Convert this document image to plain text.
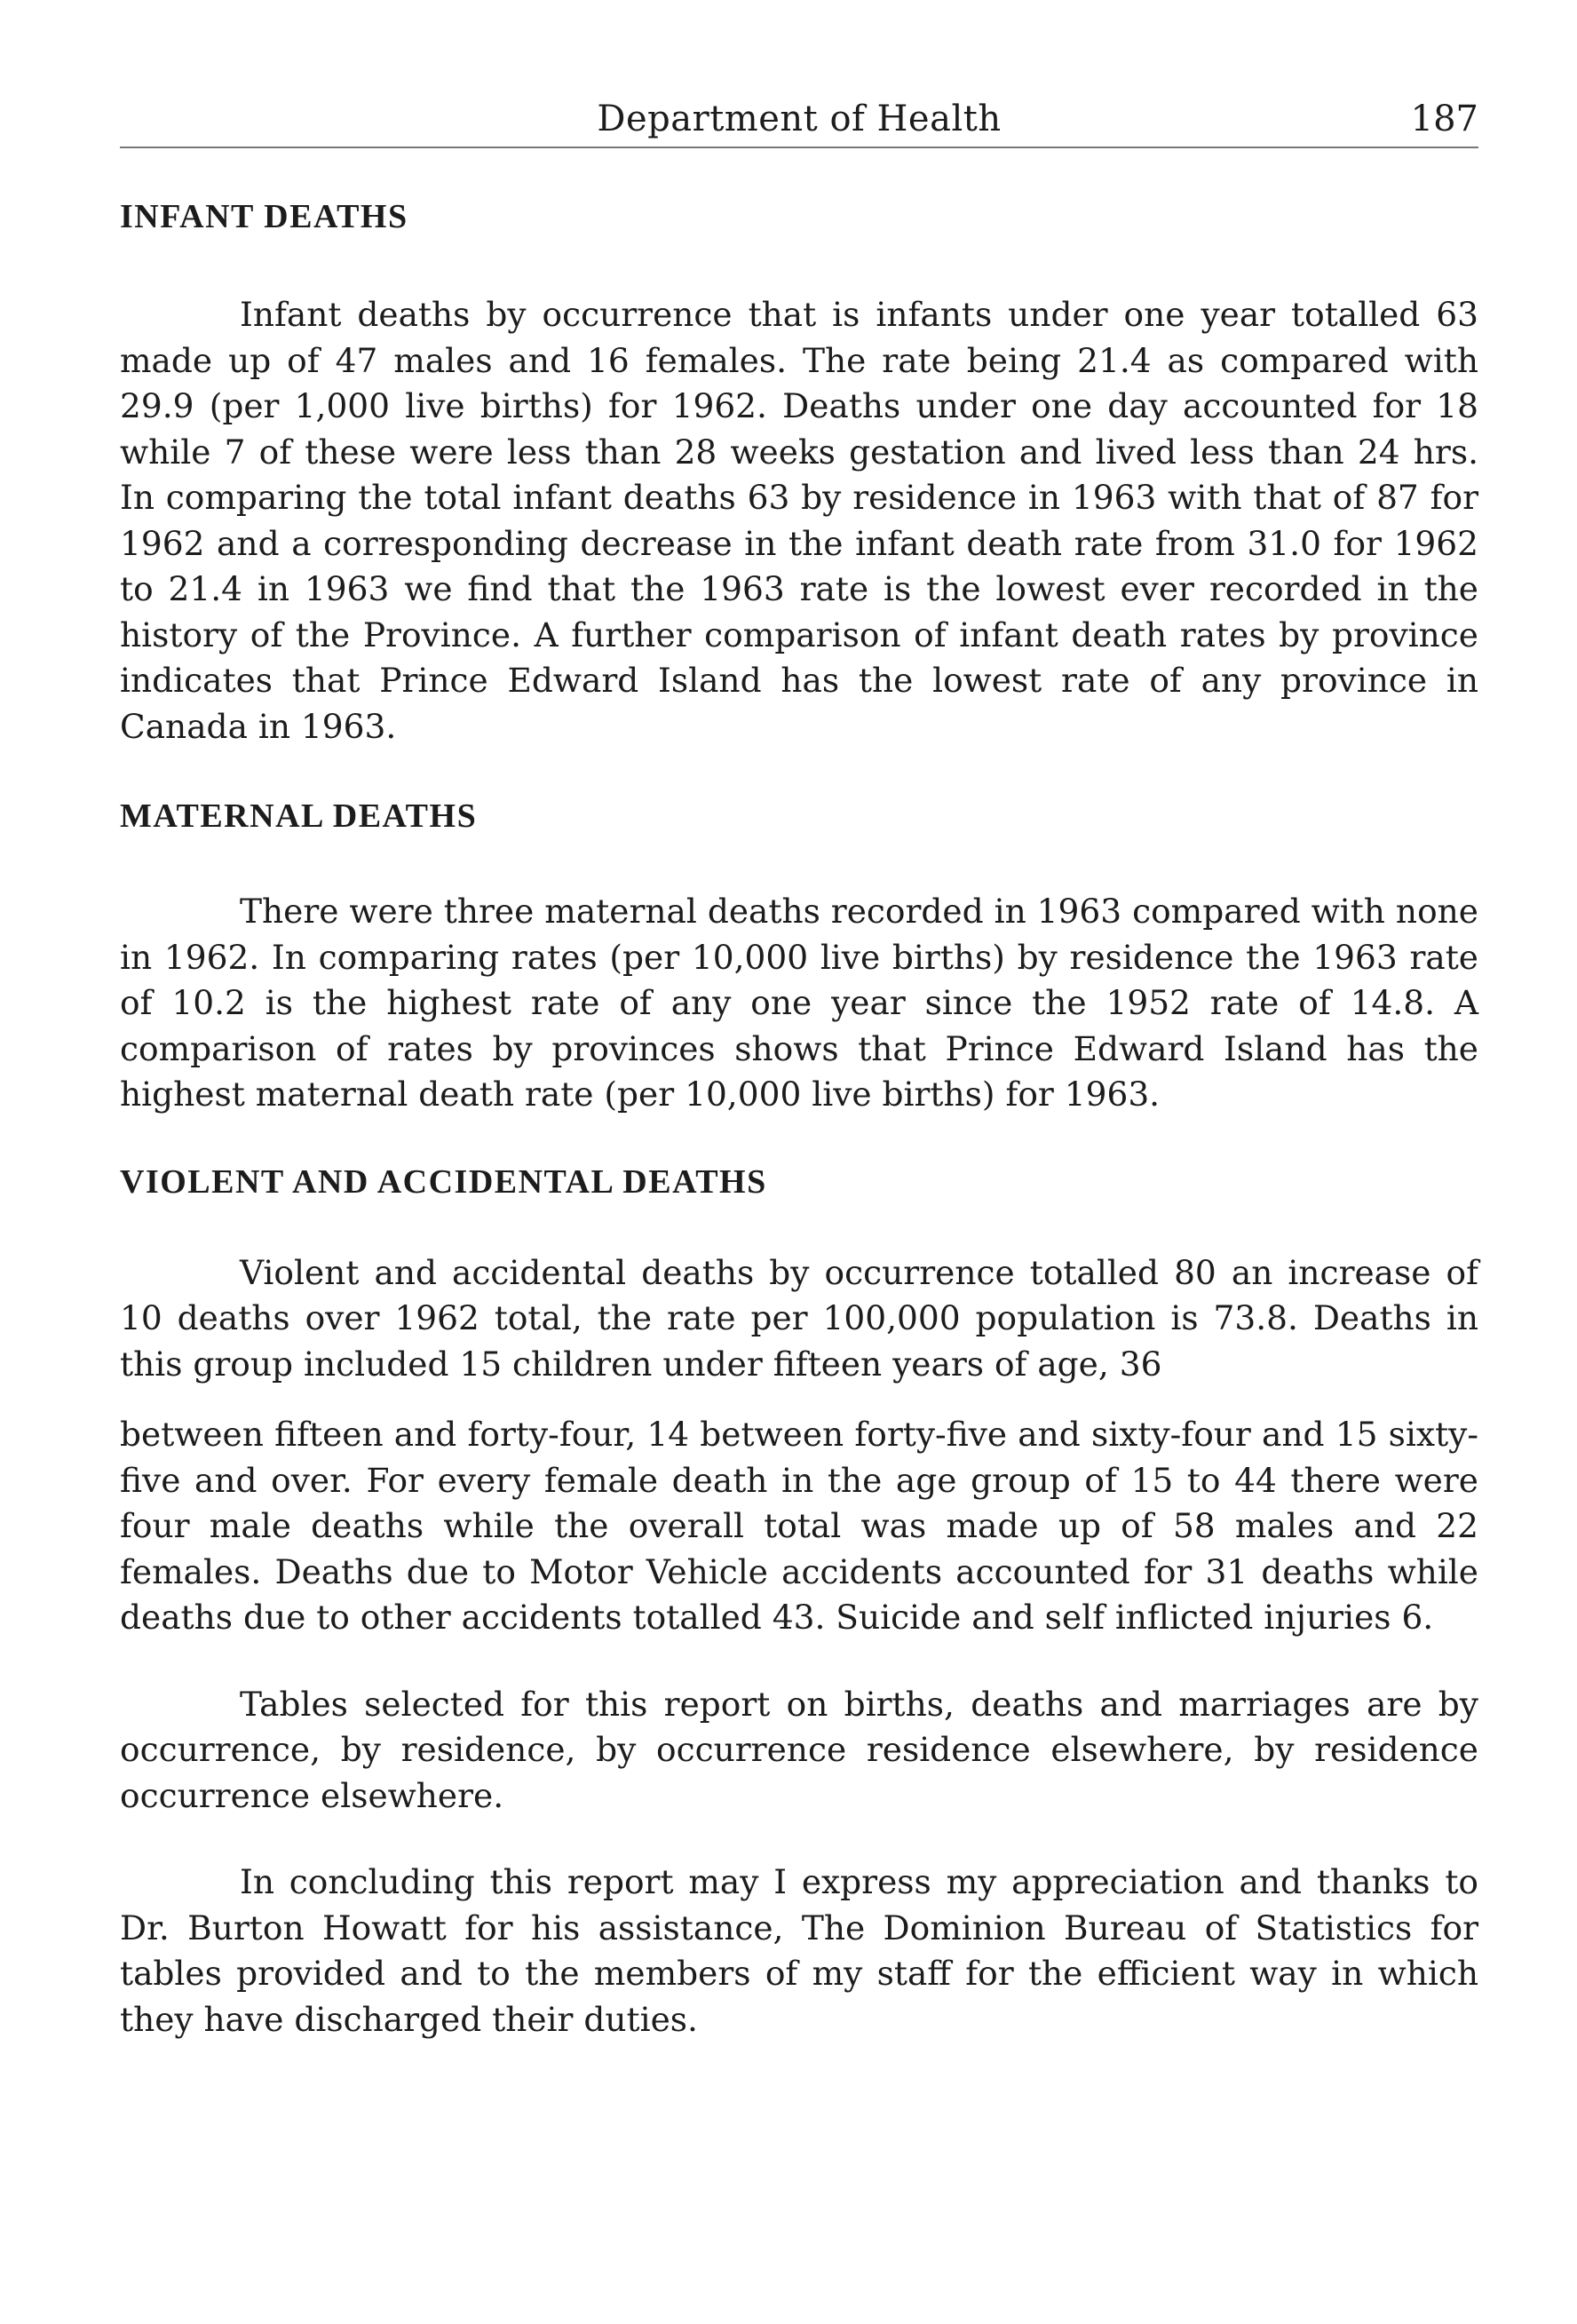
Department of Health	187
INFANT DEATHS

Infant deaths by occurrence that is infants under one year totalled 63 made up of 47 males and 16 females. The rate being 21.4 as compared with 29.9 (per 1,000 live births) for 1962. Deaths under one day accounted for 18 while 7 of these were less than 28 weeks gestation and lived less than 24 hrs. In comparing the total infant deaths 63 by residence in 1963 with that of 87 for 1962 and a corresponding decrease in the infant death rate from 31.0 for 1962 to 21.4 in 1963 we find that the 1963 rate is the lowest ever recorded in the history of the Province. A further comparison of infant death rates by province indicates that Prince Edward Island has the lowest rate of any province in Canada in 1963.

MATERNAL DEATHS

There were three maternal deaths recorded in 1963 compared with none in 1962. In comparing rates (per 10,000 live births) by residence the 1963 rate of 10.2 is the highest rate of any one year since the 1952 rate of 14.8. A comparison of rates by provinces shows that Prince Edward Island has the highest maternal death rate (per 10,000 live births) for 1963.

VIOLENT AND ACCIDENTAL DEATHS

Violent and accidental deaths by occurrence totalled 80 an increase of 10 deaths over 1962 total, the rate per 100,000 population is 73.8. Deaths in this group included 15 children under fifteen years of age, 36

between fifteen and forty-four, 14 between forty-five and sixty-four and 15 sixty-five and over. For every female death in the age group of 15 to 44 there were four male deaths while the overall total was made up of 58 males and 22 females. Deaths due to Motor Vehicle accidents accounted for 31 deaths while deaths due to other accidents totalled 43. Suicide and self inflicted injuries 6.

Tables selected for this report on births, deaths and marriages are by occurrence, by residence, by occurrence residence elsewhere, by residence occurrence elsewhere.

In concluding this report may I express my appreciation and thanks to Dr. Burton Howatt for his assistance, The Dominion Bureau of Statistics for tables provided and to the members of my staff for the efficient way in which they have discharged their duties.
